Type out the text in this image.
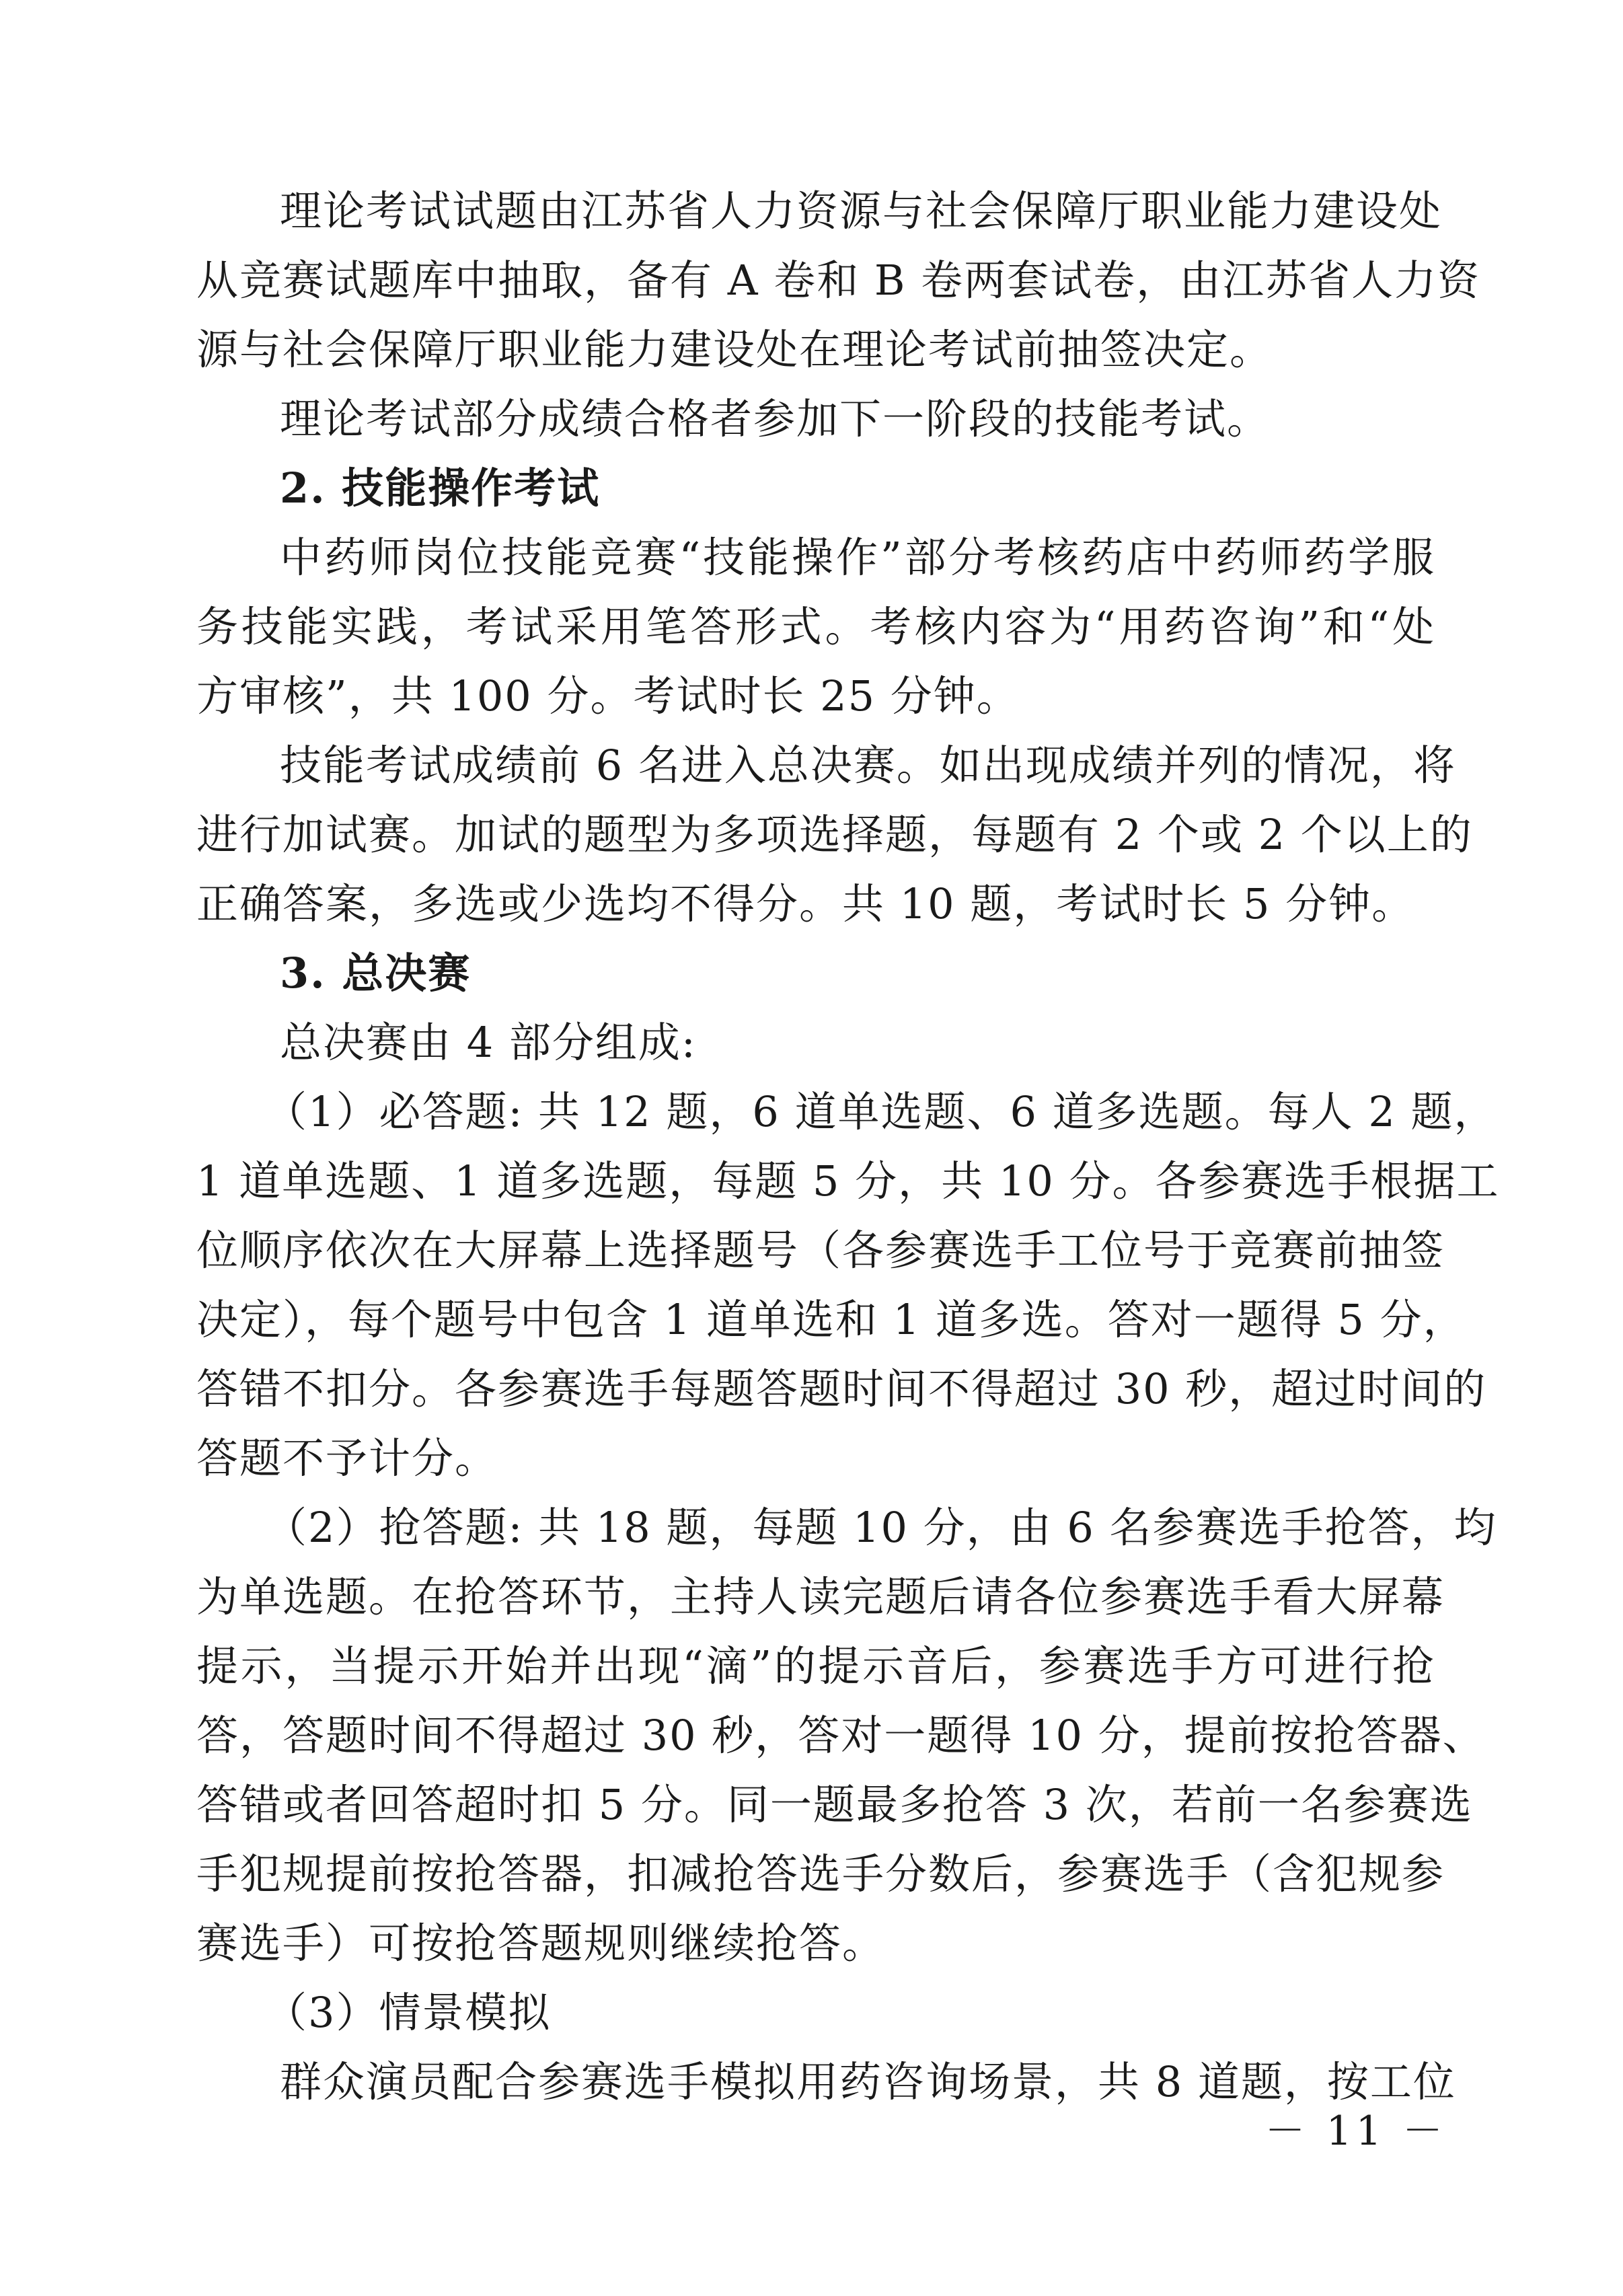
理论考试试题由江苏省人力资源与社会保障厅职业能力建设处
从竞赛试题库中抽取，备有 A 卷和 B 卷两套试卷，由江苏省人力资
源与社会保障厅职业能力建设处在理论考试前抽签决定。
理论考试部分成绩合格者参加下一阶段的技能考试。
2. 技能操作考试
中药师岗位技能竞赛“技能操作”部分考核药店中药师药学服
务技能实践，考试采用笔答形式。考核内容为“用药咨询”和“处
方审核”，共 100 分。考试时长 25 分钟。
技能考试成绩前 6 名进入总决赛。如出现成绩并列的情况，将
进行加试赛。加试的题型为多项选择题，每题有 2 个或 2 个以上的
正确答案，多选或少选均不得分。共 10 题，考试时长 5 分钟。
3. 总决赛
总决赛由 4 部分组成:
（1）必答题: 共 12 题，6 道单选题、6 道多选题。每人 2 题，
1 道单选题、1 道多选题，每题 5 分，共 10 分。各参赛选手根据工
位顺序依次在大屏幕上选择题号（各参赛选手工位号于竞赛前抽签
决定），每个题号中包含 1 道单选和 1 道多选。答对一题得 5 分，
答错不扣分。各参赛选手每题答题时间不得超过 30 秒，超过时间的
答题不予计分。
（2）抢答题: 共 18 题，每题 10 分，由 6 名参赛选手抢答，均
为单选题。在抢答环节，主持人读完题后请各位参赛选手看大屏幕
提示，当提示开始并出现“滴”的提示音后，参赛选手方可进行抢
答，答题时间不得超过 30 秒，答对一题得 10 分，提前按抢答器、
答错或者回答超时扣 5 分。同一题最多抢答 3 次，若前一名参赛选
手犯规提前按抢答器，扣减抢答选手分数后，参赛选手（含犯规参
赛选手）可按抢答题规则继续抢答。
（3）情景模拟
群众演员配合参赛选手模拟用药咨询场景，共 8 道题，按工位
－ 11 －
